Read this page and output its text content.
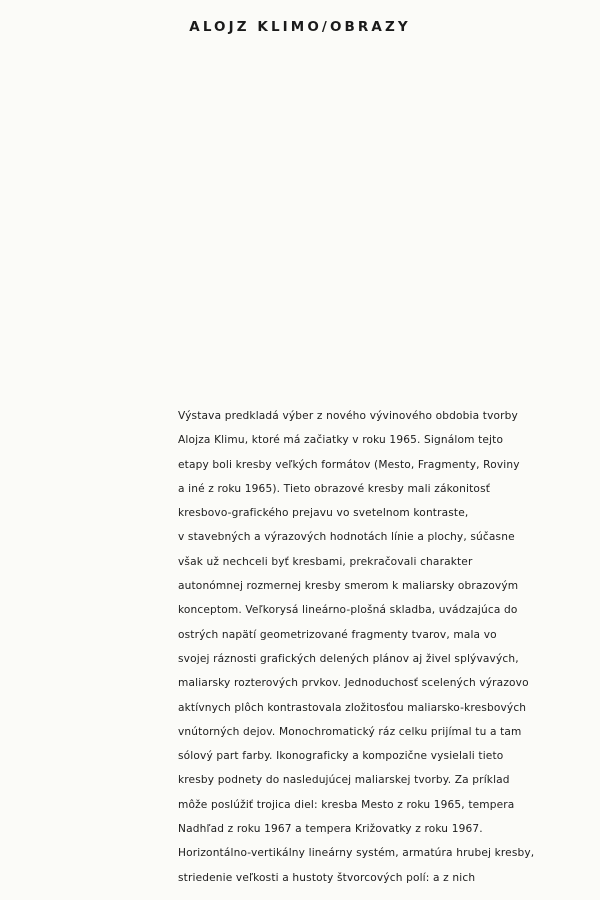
ALOJZ KLIMO/OBRAZY
Výstava predkladá výber z nového vývinového obdobia tvorby
Alojza Klimu, ktoré má začiatky v roku 1965. Signálom tejto
etapy boli kresby veľkých formátov (Mesto, Fragmenty, Roviny
a iné z roku 1965). Tieto obrazové kresby mali zákonitosť
kresbovo-grafického prejavu vo svetelnom kontraste,
v stavebných a výrazových hodnotách línie a plochy, súčasne
však už nechceli byť kresbami, prekračovali charakter
autonómnej rozmernej kresby smerom k maliarsky obrazovým
konceptom. Veľkorysá lineárno-plošná skladba, uvádzajúca do
ostrých napätí geometrizované fragmenty tvarov, mala vo
svojej ráznosti grafických delených plánov aj živel splývavých,
maliarsky rozterových prvkov. Jednoduchosť scelených výrazovo
aktívnych plôch kontrastovala zložitosťou maliarsko-kresbových
vnútorných dejov. Monochromatický ráz celku prijímal tu a tam
sólový part farby. Ikonograficky a kompozične vysielali tieto
kresby podnety do nasledujúcej maliarskej tvorby. Za príklad
môže poslúžiť trojica diel: kresba Mesto z roku 1965, tempera
Nadhľad z roku 1967 a tempera Križovatky z roku 1967.
Horizontálno-vertikálny lineárny systém, armatúra hrubej kresby,
striedenie veľkosti a hustoty štvorcových polí: a z nich
